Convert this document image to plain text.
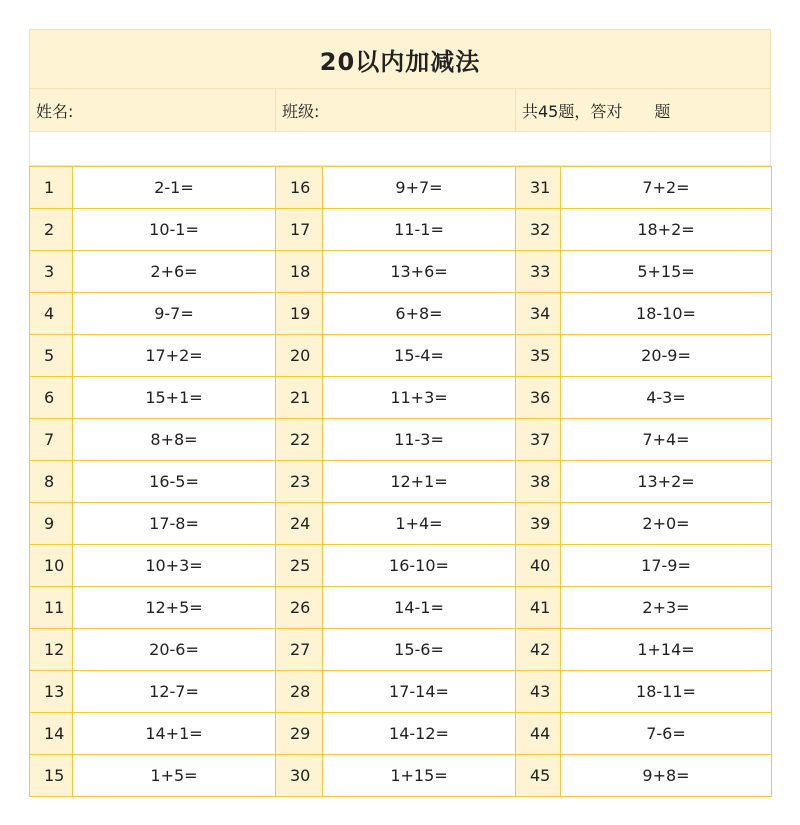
20以内加减法
姓名:	班级:	共45题，答对　　题
1	2-1=	16	9+7=	31	7+2=
2	10-1=	17	11-1=	32	18+2=
3	2+6=	18	13+6=	33	5+15=
4	9-7=	19	6+8=	34	18-10=
5	17+2=	20	15-4=	35	20-9=
6	15+1=	21	11+3=	36	4-3=
7	8+8=	22	11-3=	37	7+4=
8	16-5=	23	12+1=	38	13+2=
9	17-8=	24	1+4=	39	2+0=
10	10+3=	25	16-10=	40	17-9=
11	12+5=	26	14-1=	41	2+3=
12	20-6=	27	15-6=	42	1+14=
13	12-7=	28	17-14=	43	18-11=
14	14+1=	29	14-12=	44	7-6=
15	1+5=	30	1+15=	45	9+8=
